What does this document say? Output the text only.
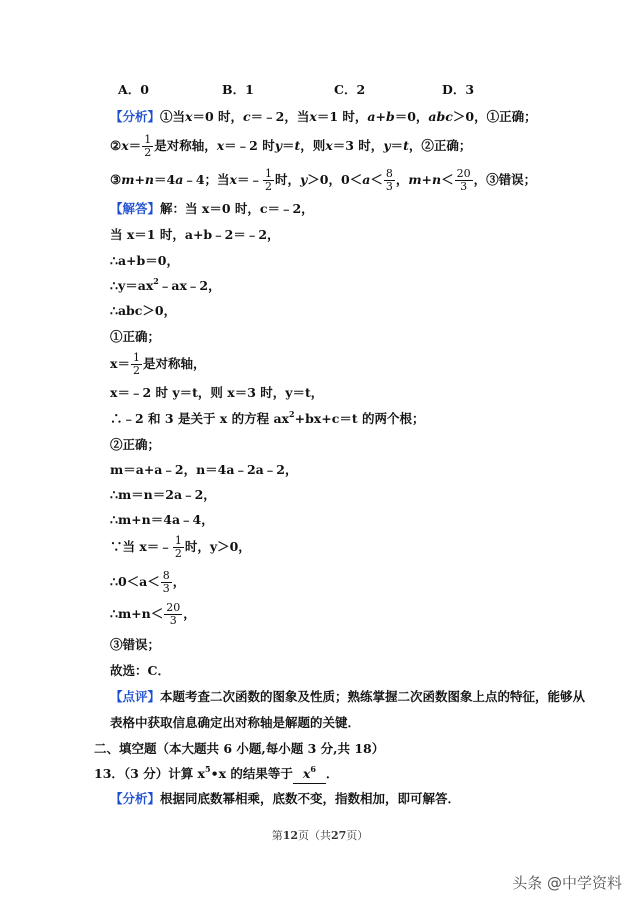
A．0	B．1	C．2	D．3
【分析】①当x＝0 时，c＝﹣2，当x＝1 时，a+b＝0，abc＞0，①正确；
②x＝ $\frac{1}{2}$ 是对称轴，x＝﹣2 时y＝t，则x＝3 时，y＝t，②正确；
③m+n＝4a﹣4；当x＝﹣ $\frac{1}{2}$ 时，y＞0，$0<a< \frac{8}{3}$ ，$m+n< \frac{20}{3}$ ，③错误；
【解答】解：当 x＝0 时，c＝﹣2，
当 x＝1 时，a+b﹣2＝﹣2，
∴a+b＝0，
$\therefore y=ax^2﹣ax﹣2$，
∴abc＞0，
①正确；
$x= \frac{1}{2}$ 是对称轴，
x＝﹣2 时 y＝t，则 x＝3 时，y＝t，
∴﹣2 和 3 是关于 x 的方程 $ax^2+bx+c=t$ 的两个根；
②正确；
m＝a+a﹣2，n＝4a﹣2a﹣2，
∴m＝n＝2a﹣2，
∴m+n＝4a﹣4，
∵当 x＝﹣ $\frac{1}{2}$ 时，y＞0，
∴0＜a＜ $\frac{8}{3}$ ，
∴m+n＜ $\frac{20}{3}$ ，
③错误；
故选：C．
【点评】本题考查二次函数的图象及性质；熟练掌握二次函数图象上点的特征，能够从
表格中获取信息确定出对称轴是解题的关键．
二、填空题（本大题共 6 小题,每小题 3 分,共 18）
13．（3 分）计算 $x^5•x$ 的结果等于 $x^6$ ．
【分析】根据同底数幂相乘，底数不变，指数相加，即可解答．
第12页（共27页）
头条 @中学资料
